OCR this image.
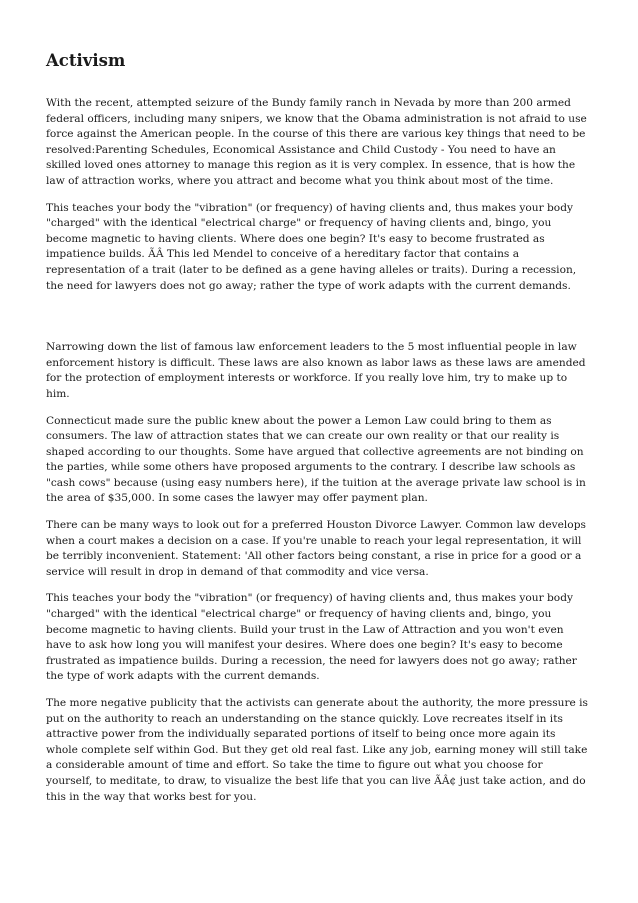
Activism

With the recent, attempted seizure of the Bundy family ranch in Nevada by more than 200 armed federal officers, including many snipers, we know that the Obama administration is not afraid to use force against the American people. In the course of this there are various key things that need to be resolved:Parenting Schedules, Economical Assistance and Child Custody - You need to have an skilled loved ones attorney to manage this region as it is very complex. In essence, that is how the law of attraction works, where you attract and become what you think about most of the time.

This teaches your body the "vibration" (or frequency) of having clients and, thus makes your body "charged" with the identical "electrical charge" or frequency of having clients and, bingo, you become magnetic to having clients. Where does one begin? It's easy to become frustrated as impatience builds. ÃÂ This led Mendel to conceive of a hereditary factor that contains a representation of a trait (later to be defined as a gene having alleles or traits). During a recession, the need for lawyers does not go away; rather the type of work adapts with the current demands.

Narrowing down the list of famous law enforcement leaders to the 5 most influential people in law enforcement history is difficult. These laws are also known as labor laws as these laws are amended for the protection of employment interests or workforce. If you really love him, try to make up to him.

Connecticut made sure the public knew about the power a Lemon Law could bring to them as consumers. The law of attraction states that we can create our own reality or that our reality is shaped according to our thoughts. Some have argued that collective agreements are not binding on the parties, while some others have proposed arguments to the contrary. I describe law schools as "cash cows" because (using easy numbers here), if the tuition at the average private law school is in the area of $35,000. In some cases the lawyer may offer payment plan.

There can be many ways to look out for a preferred Houston Divorce Lawyer. Common law develops when a court makes a decision on a case. If you're unable to reach your legal representation, it will be terribly inconvenient. Statement: 'All other factors being constant, a rise in price for a good or a service will result in drop in demand of that commodity and vice versa.

This teaches your body the "vibration" (or frequency) of having clients and, thus makes your body "charged" with the identical "electrical charge" or frequency of having clients and, bingo, you become magnetic to having clients. Build your trust in the Law of Attraction and you won't even have to ask how long you will manifest your desires. Where does one begin? It's easy to become frustrated as impatience builds. During a recession, the need for lawyers does not go away; rather the type of work adapts with the current demands.

The more negative publicity that the activists can generate about the authority, the more pressure is put on the authority to reach an understanding on the stance quickly. Love recreates itself in its attractive power from the individually separated portions of itself to being once more again its whole complete self within God. But they get old real fast. Like any job, earning money will still take a considerable amount of time and effort. So take the time to figure out what you choose for yourself, to meditate, to draw, to visualize the best life that you can live ÃÂ¢ just take action, and do this in the way that works best for you.
